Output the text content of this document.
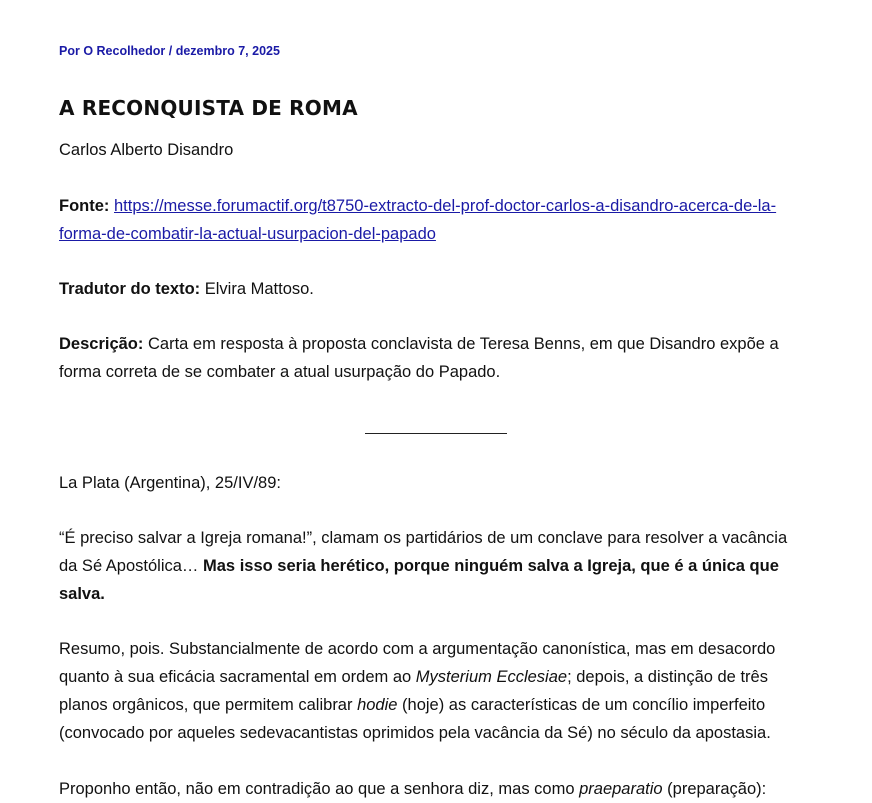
Por O Recolhedor / dezembro 7, 2025
A RECONQUISTA DE ROMA

Carlos Alberto Disandro

Fonte: https://messe.forumactif.org/t8750-extracto-del-prof-doctor-carlos-a-disandro-acerca-de-la-
forma-de-combatir-la-actual-usurpacion-del-papado

Tradutor do texto: Elvira Mattoso.

Descrição: Carta em resposta à proposta conclavista de Teresa Benns, em que Disandro expõe a
forma correta de se combater a atual usurpação do Papado.

La Plata (Argentina), 25/IV/89:

“É preciso salvar a Igreja romana!”, clamam os partidários de um conclave para resolver a vacância
da Sé Apostólica… Mas isso seria herético, porque ninguém salva a Igreja, que é a única que
salva.

Resumo, pois. Substancialmente de acordo com a argumentação canonística, mas em desacordo
quanto à sua eficácia sacramental em ordem ao Mysterium Ecclesiae; depois, a distinção de três
planos orgânicos, que permitem calibrar hodie (hoje) as características de um concílio imperfeito
(convocado por aqueles sedevacantistas oprimidos pela vacância da Sé) no século da apostasia.

Proponho então, não em contradição ao que a senhora diz, mas como praeparatio (preparação):
